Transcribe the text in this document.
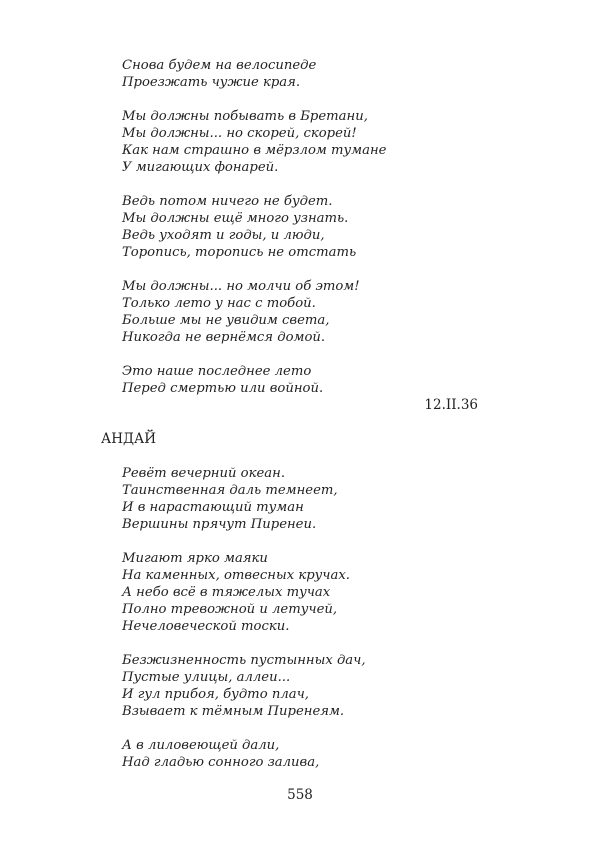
Снова будем на велосипеде
Проезжать чужие края.
Мы должны побывать в Бретани,
Мы должны... но скорей, скорей!
Как нам страшно в мёрзлом тумане
У мигающих фонарей.
Ведь потом ничего не будет.
Мы должны ещё много узнать.
Ведь уходят и годы, и люди,
Торопись, торопись не отстать
Мы должны... но молчи об этом!
Только лето у нас с тобой.
Больше мы не увидим света,
Никогда не вернёмся домой.
Это наше последнее лето
Перед смертью или войной.
12.II.36
АНДАЙ
Ревёт вечерний океан.
Таинственная даль темнеет,
И в нарастающий туман
Вершины прячут Пиренеи.
Мигают ярко маяки
На каменных, отвесных кручах.
А небо всё в тяжелых тучах
Полно тревожной и летучей,
Нечеловеческой тоски.
Безжизненность пустынных дач,
Пустые улицы, аллеи...
И гул прибоя, будто плач,
Взывает к тёмным Пиренеям.
А в лиловеющей дали,
Над гладью сонного залива,
558
